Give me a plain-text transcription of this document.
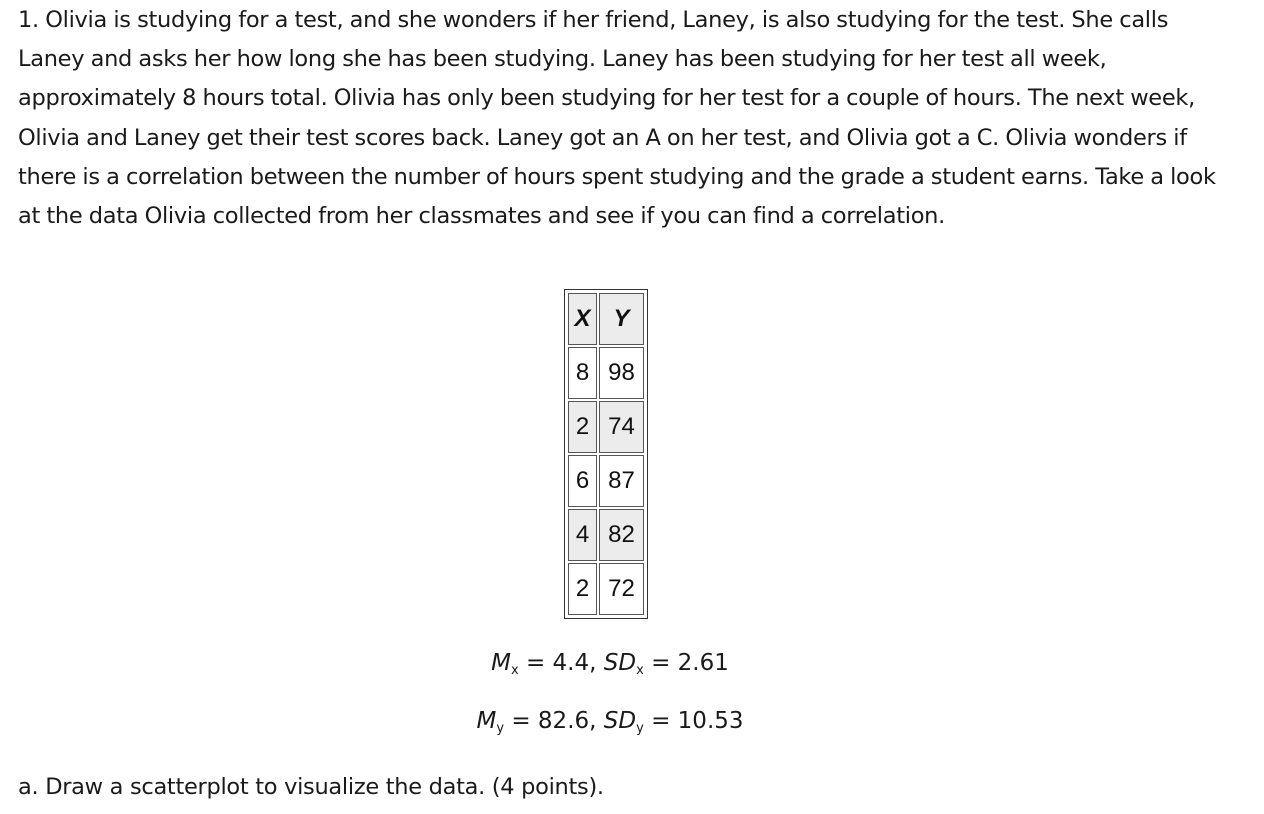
1. Olivia is studying for a test, and she wonders if her friend, Laney, is also studying for the test. She calls Laney and asks her how long she has been studying. Laney has been studying for her test all week, approximately 8 hours total. Olivia has only been studying for her test for a couple of hours. The next week, Olivia and Laney get their test scores back. Laney got an A on her test, and Olivia got a C. Olivia wonders if there is a correlation between the number of hours spent studying and the grade a student earns. Take a look at the data Olivia collected from her classmates and see if you can find a correlation.

X	Y
8	98
2	74
6	87
4	82
2	72

$M_x = 4.4$, $SD_x = 2.61$

$M_y = 82.6$, $SD_y = 10.53$

a. Draw a scatterplot to visualize the data. (4 points).
